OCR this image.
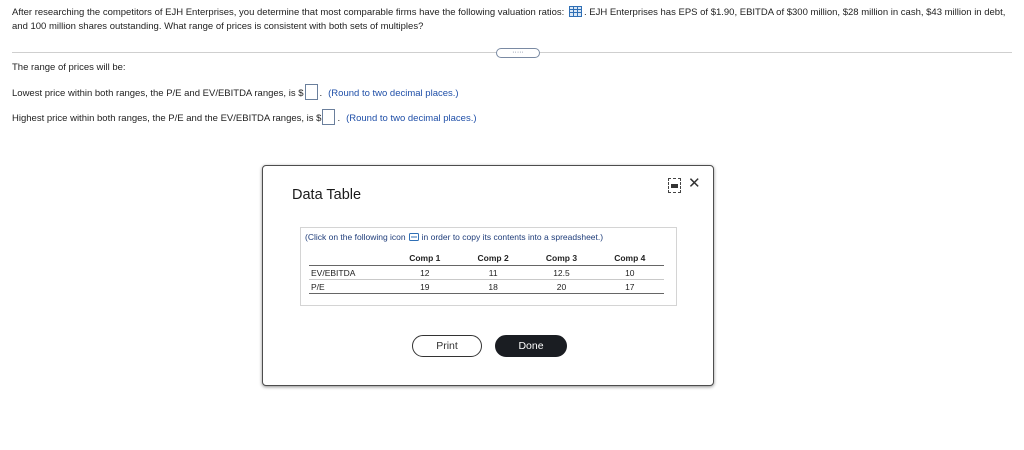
After researching the competitors of EJH Enterprises, you determine that most comparable firms have the following valuation ratios: . EJH Enterprises has EPS of $1.90, EBITDA of $300 million, $28 million in cash, $43 million in debt, and 100 million shares outstanding. What range of prices is consistent with both sets of multiples?
·····
The range of prices will be:
Lowest price within both ranges, the P/E and EV/EBITDA ranges, is $ . (Round to two decimal places.)
Highest price within both ranges, the P/E and the EV/EBITDA ranges, is $ . (Round to two decimal places.)
Data Table
✕
(Click on the following icon in order to copy its contents into a spreadsheet.)
	Comp 1	Comp 2	Comp 3	Comp 4
EV/EBITDA	12	11	12.5	10
P/E	19	18	20	17
Print	Done
